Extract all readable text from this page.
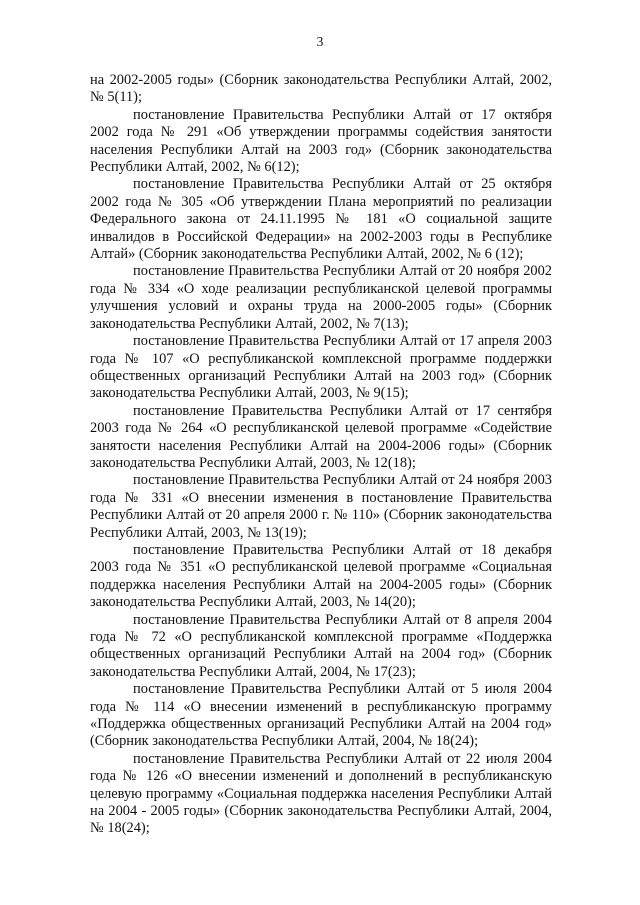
3

на 2002-2005 годы» (Сборник законодательства Республики Алтай, 2002, № 5(11);

постановление Правительства Республики Алтай от 17 октября 2002 года № 291 «Об утверждении программы содействия занятости населения Республики Алтай на 2003 год» (Сборник законодательства Республики Алтай, 2002, № 6(12);

постановление Правительства Республики Алтай от 25 октября 2002 года № 305 «Об утверждении Плана мероприятий по реализации Федерального закона от 24.11.1995 № 181 «О социальной защите инвалидов в Российской Федерации» на 2002-2003 годы в Республике Алтай» (Сборник законодательства Республики Алтай, 2002, № 6 (12);

постановление Правительства Республики Алтай от 20 ноября 2002 года № 334 «О ходе реализации республиканской целевой программы улучшения условий и охраны труда на 2000-2005 годы» (Сборник законодательства Республики Алтай, 2002, № 7(13);

постановление Правительства Республики Алтай от 17 апреля 2003 года № 107 «О республиканской комплексной программе поддержки общественных организаций Республики Алтай на 2003 год» (Сборник законодательства Республики Алтай, 2003, № 9(15);

постановление Правительства Республики Алтай от 17 сентября 2003 года № 264 «О республиканской целевой программе «Содействие занятости населения Республики Алтай на 2004-2006 годы» (Сборник законодательства Республики Алтай, 2003, № 12(18);

постановление Правительства Республики Алтай от 24 ноября 2003 года № 331 «О внесении изменения в постановление Правительства Республики Алтай от 20 апреля 2000 г. № 110» (Сборник законодательства Республики Алтай, 2003, № 13(19);

постановление Правительства Республики Алтай от 18 декабря 2003 года № 351 «О республиканской целевой программе «Социальная поддержка населения Республики Алтай на 2004-2005 годы» (Сборник законодательства Республики Алтай, 2003, № 14(20);

постановление Правительства Республики Алтай от 8 апреля 2004 года № 72 «О республиканской комплексной программе «Поддержка общественных организаций Республики Алтай на 2004 год» (Сборник законодательства Республики Алтай, 2004, № 17(23);

постановление Правительства Республики Алтай от 5 июля 2004 года № 114 «О внесении изменений в республиканскую программу «Поддержка общественных организаций Республики Алтай на 2004 год» (Сборник законодательства Республики Алтай, 2004, № 18(24);

постановление Правительства Республики Алтай от 22 июля 2004 года № 126 «О внесении изменений и дополнений в республиканскую целевую программу «Социальная поддержка населения Республики Алтай на 2004 - 2005 годы» (Сборник законодательства Республики Алтай, 2004, № 18(24);
